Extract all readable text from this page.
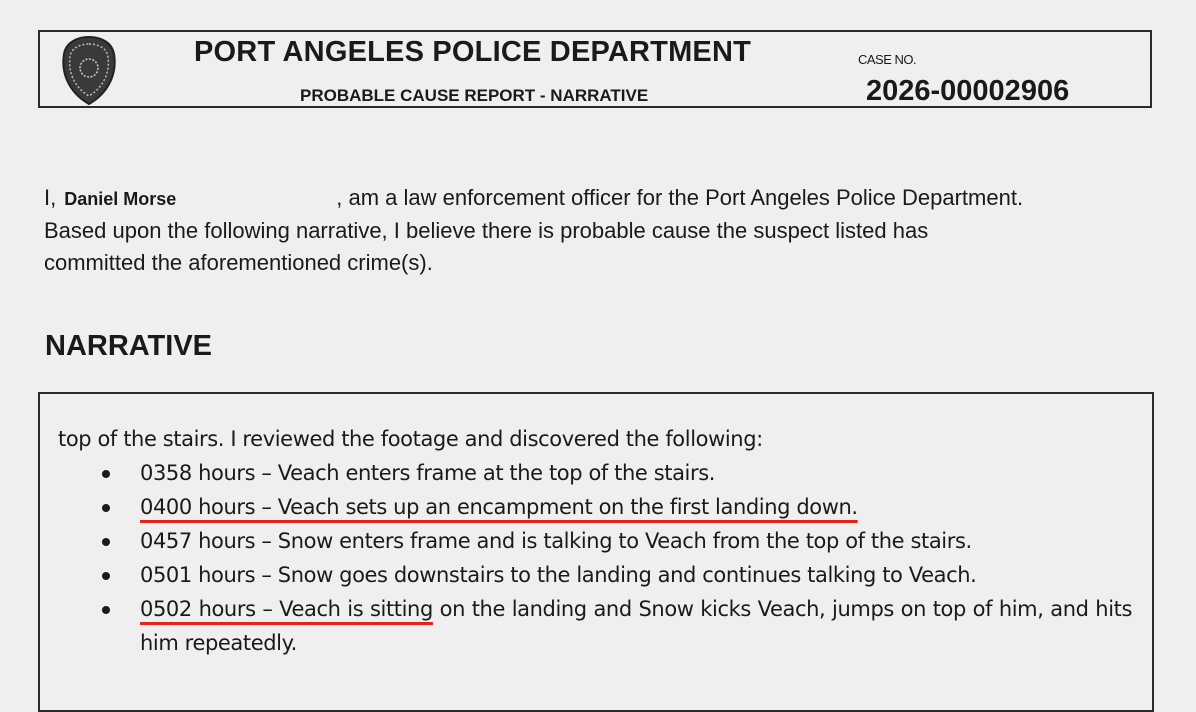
PORT ANGELES POLICE DEPARTMENT
PROBABLE CAUSE REPORT - NARRATIVE
CASE NO.
2026-00002906
I, Daniel Morse	, am a law enforcement officer for the Port Angeles Police Department.
Based upon the following narrative, I believe there is probable cause the suspect listed has
committed the aforementioned crime(s).
NARRATIVE

top of the stairs. I reviewed the footage and discovered the following:

0358 hours – Veach enters frame at the top of the stairs.
0400 hours – Veach sets up an encampment on the first landing down.
0457 hours – Snow enters frame and is talking to Veach from the top of the stairs.
0501 hours – Snow goes downstairs to the landing and continues talking to Veach.
0502 hours – Veach is sitting on the landing and Snow kicks Veach, jumps on top of him, and hits him repeatedly.
